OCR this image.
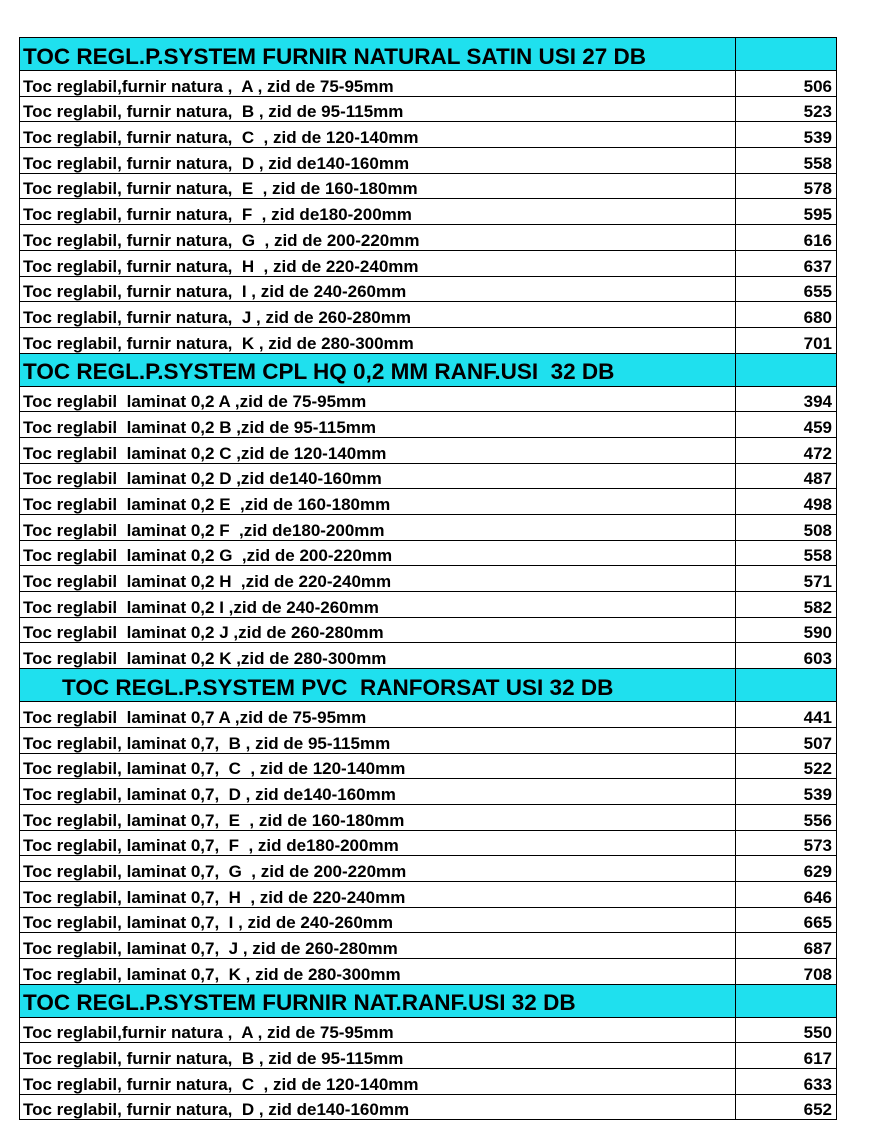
TOC REGL.P.SYSTEM FURNIR NATURAL SATIN USI 27 DB	
Toc reglabil,furnir natura ,  A , zid de 75-95mm	506
Toc reglabil, furnir natura,  B , zid de 95-115mm	523
Toc reglabil, furnir natura,  C  , zid de 120-140mm	539
Toc reglabil, furnir natura,  D , zid de140-160mm	558
Toc reglabil, furnir natura,  E  , zid de 160-180mm	578
Toc reglabil, furnir natura,  F  , zid de180-200mm	595
Toc reglabil, furnir natura,  G  , zid de 200-220mm	616
Toc reglabil, furnir natura,  H  , zid de 220-240mm	637
Toc reglabil, furnir natura,  I , zid de 240-260mm	655
Toc reglabil, furnir natura,  J , zid de 260-280mm	680
Toc reglabil, furnir natura,  K , zid de 280-300mm	701
TOC REGL.P.SYSTEM CPL HQ 0,2 MM RANF.USI  32 DB	
Toc reglabil  laminat 0,2 A ,zid de 75-95mm	394
Toc reglabil  laminat 0,2 B ,zid de 95-115mm	459
Toc reglabil  laminat 0,2 C ,zid de 120-140mm	472
Toc reglabil  laminat 0,2 D ,zid de140-160mm	487
Toc reglabil  laminat 0,2 E  ,zid de 160-180mm	498
Toc reglabil  laminat 0,2 F  ,zid de180-200mm	508
Toc reglabil  laminat 0,2 G  ,zid de 200-220mm	558
Toc reglabil  laminat 0,2 H  ,zid de 220-240mm	571
Toc reglabil  laminat 0,2 I ,zid de 240-260mm	582
Toc reglabil  laminat 0,2 J ,zid de 260-280mm	590
Toc reglabil  laminat 0,2 K ,zid de 280-300mm	603
TOC REGL.P.SYSTEM PVC  RANFORSAT USI 32 DB	
Toc reglabil  laminat 0,7 A ,zid de 75-95mm	441
Toc reglabil, laminat 0,7,  B , zid de 95-115mm	507
Toc reglabil, laminat 0,7,  C  , zid de 120-140mm	522
Toc reglabil, laminat 0,7,  D , zid de140-160mm	539
Toc reglabil, laminat 0,7,  E  , zid de 160-180mm	556
Toc reglabil, laminat 0,7,  F  , zid de180-200mm	573
Toc reglabil, laminat 0,7,  G  , zid de 200-220mm	629
Toc reglabil, laminat 0,7,  H  , zid de 220-240mm	646
Toc reglabil, laminat 0,7,  I , zid de 240-260mm	665
Toc reglabil, laminat 0,7,  J , zid de 260-280mm	687
Toc reglabil, laminat 0,7,  K , zid de 280-300mm	708
TOC REGL.P.SYSTEM FURNIR NAT.RANF.USI 32 DB	
Toc reglabil,furnir natura ,  A , zid de 75-95mm	550
Toc reglabil, furnir natura,  B , zid de 95-115mm	617
Toc reglabil, furnir natura,  C  , zid de 120-140mm	633
Toc reglabil, furnir natura,  D , zid de140-160mm	652
